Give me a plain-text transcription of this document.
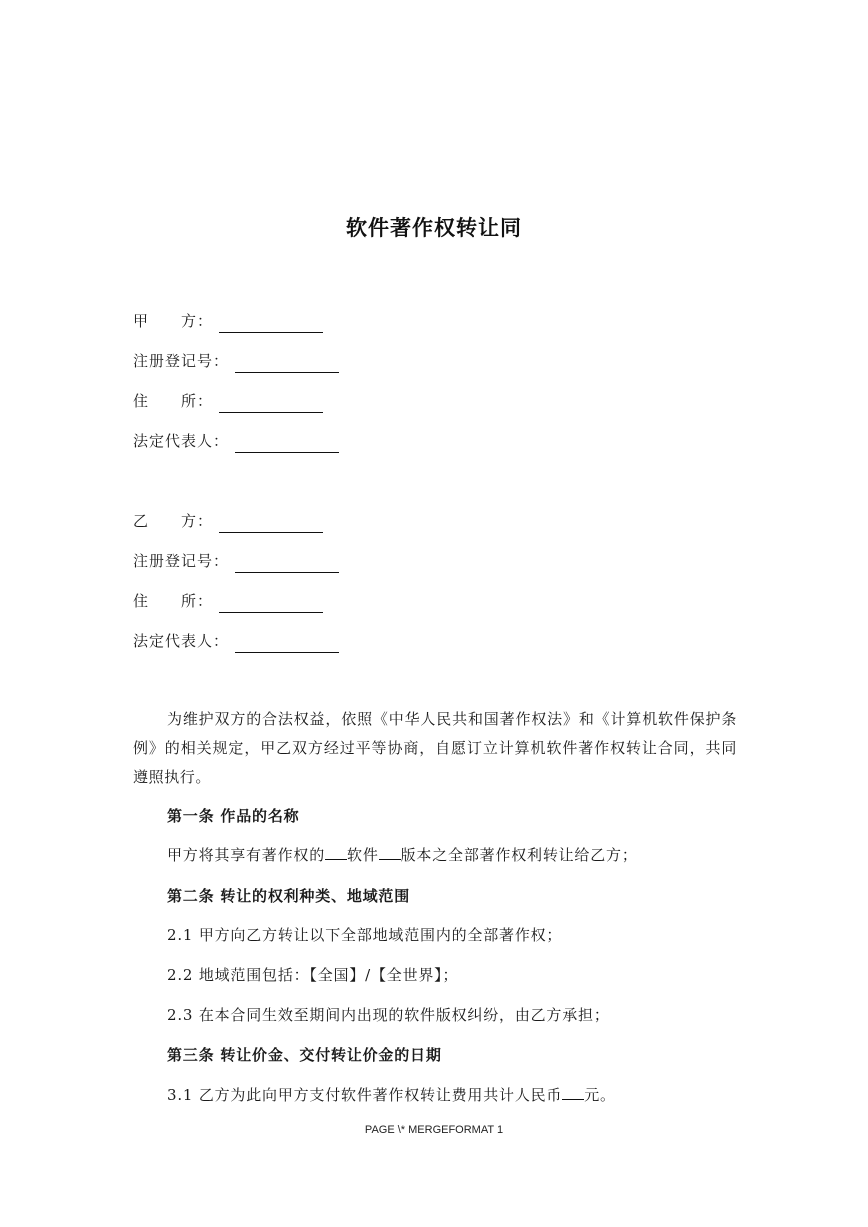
软件著作权转让同
甲　　方：
注册登记号：
住　　所：
法定代表人：
乙　　方：
注册登记号：
住　　所：
法定代表人：
为维护双方的合法权益，依照《中华人民共和国著作权法》和《计算机软件保护条例》的相关规定，甲乙双方经过平等协商，自愿订立计算机软件著作权转让合同，共同遵照执行。
第一条 作品的名称
甲方将其享有著作权的 软件 版本之全部著作权利转让给乙方；
第二条 转让的权利种类、地域范围
2.1 甲方向乙方转让以下全部地域范围内的全部著作权；
2.2 地域范围包括：【全国】/【全世界】；
2.3 在本合同生效至期间内出现的软件版权纠纷，由乙方承担；
第三条 转让价金、交付转让价金的日期
3.1 乙方为此向甲方支付软件著作权转让费用共计人民币 元。
PAGE \* MERGEFORMAT 1
